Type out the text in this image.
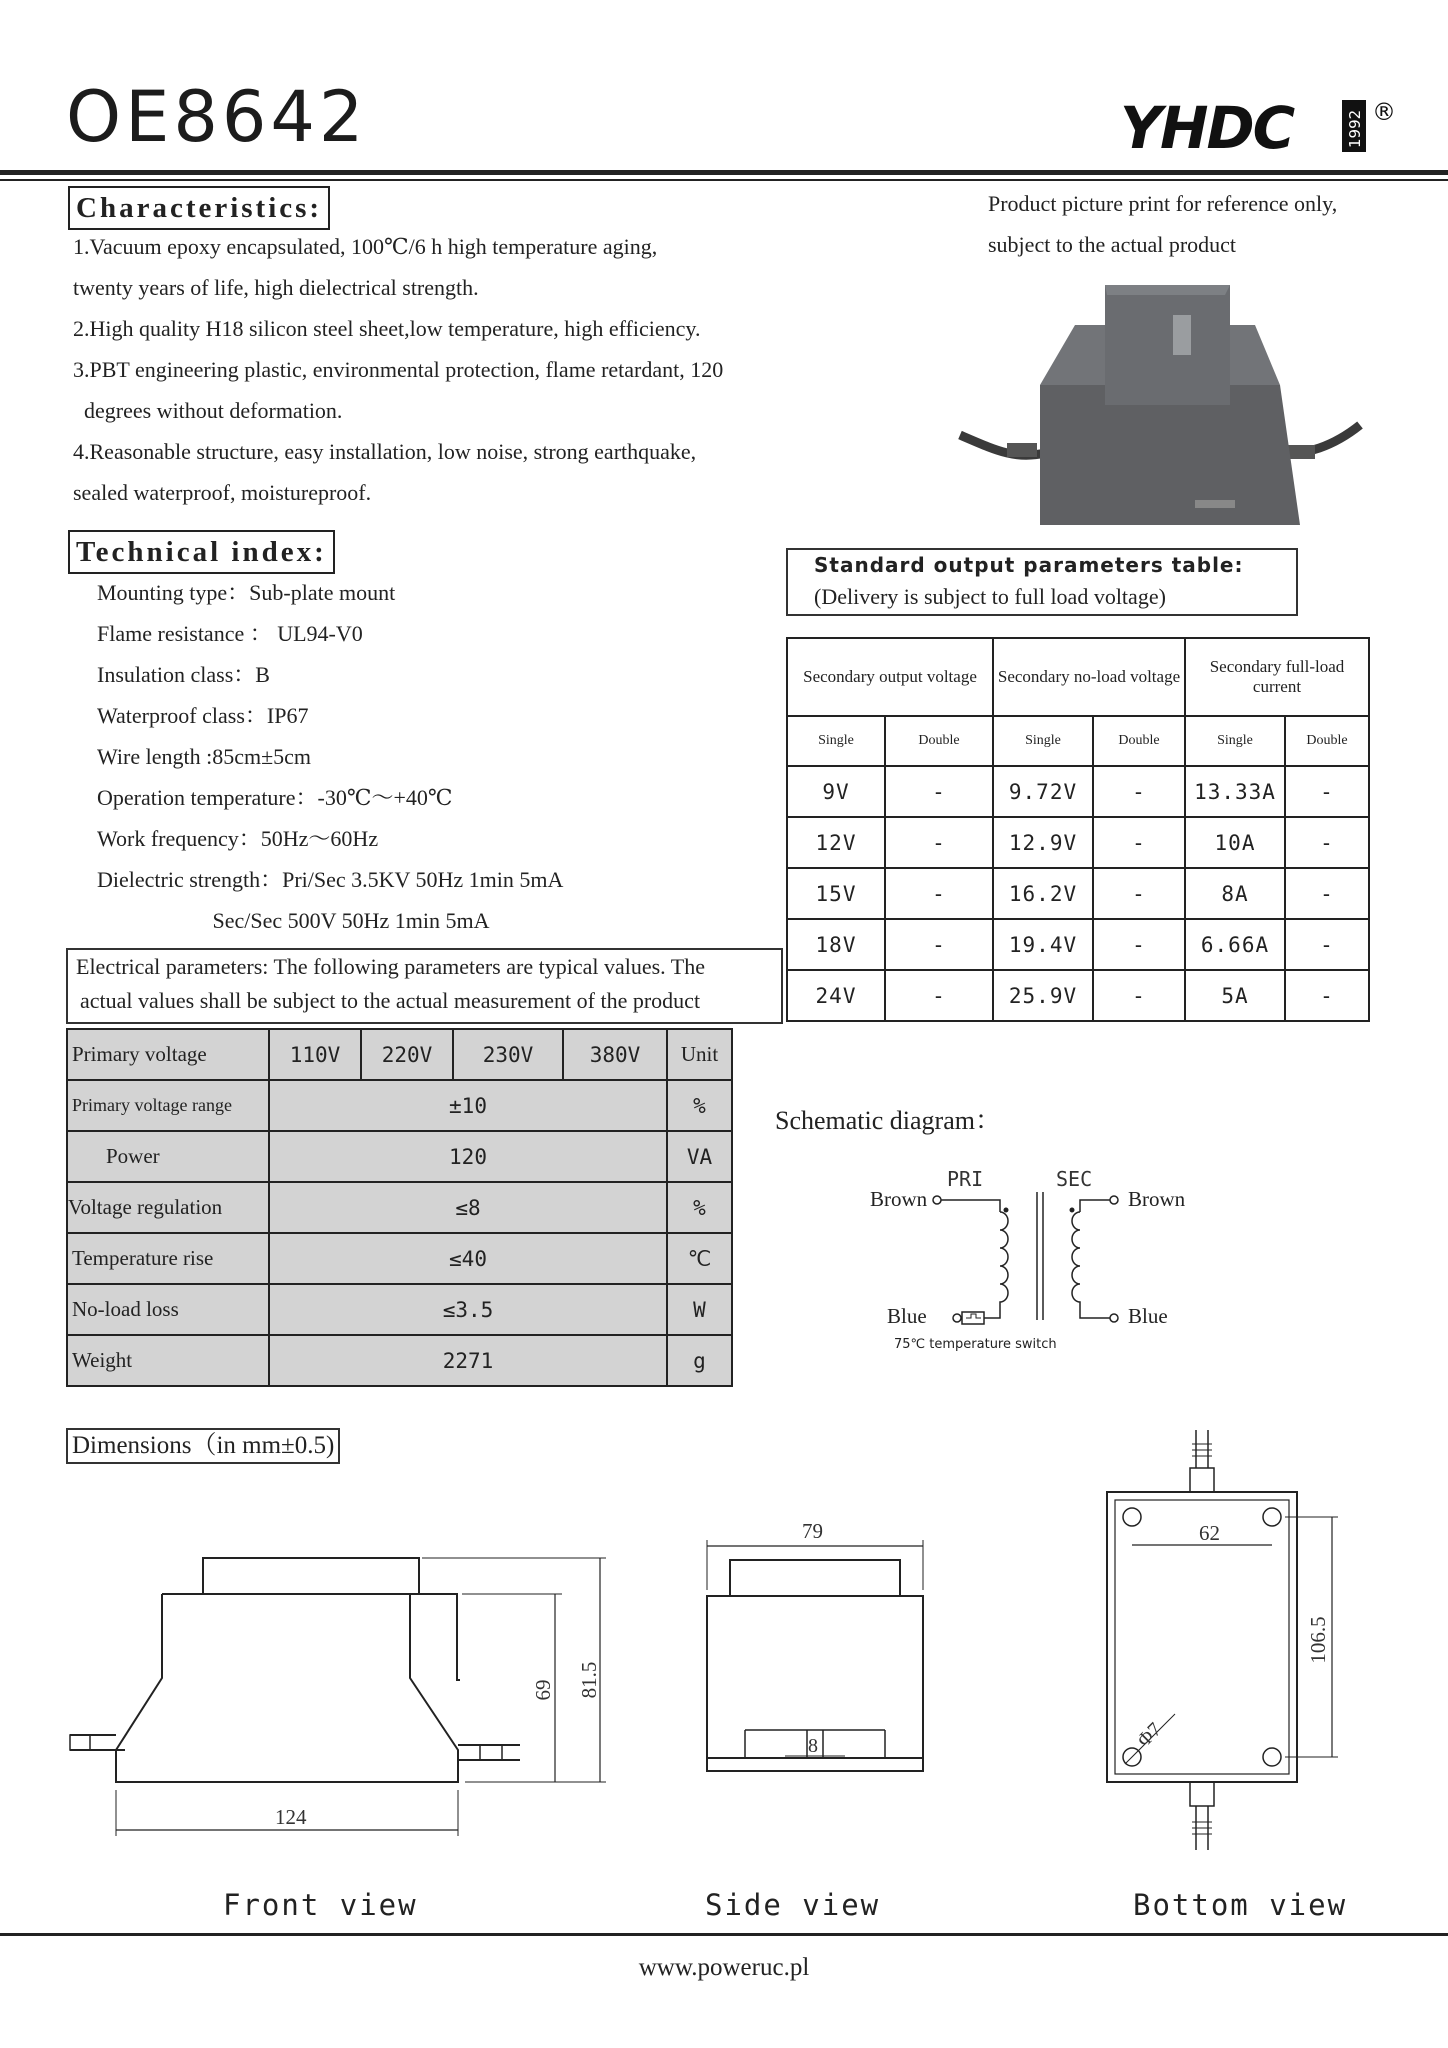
OE8642	YHDC	1992 ®
Characteristics:
1.Vacuum epoxy encapsulated, 100℃/6 h high temperature aging,
twenty years of life, high dielectrical strength.
2.High quality H18 silicon steel sheet,low temperature, high efficiency.
3.PBT engineering plastic, environmental protection, flame retardant, 120
degrees without deformation.
4.Reasonable structure, easy installation, low noise, strong earthquake,
sealed waterproof, moistureproof.
Product picture print for reference only,
subject to the actual product
Technical index:
Mounting type：Sub-plate mount
Flame resistance ： UL94-V0
Insulation class：B
Waterproof class：IP67
Wire length :85cm±5cm
Operation temperature：-30℃～+40℃
Work frequency：50Hz～60Hz
Dielectric strength：Pri/Sec 3.5KV 50Hz 1min 5mA
Sec/Sec 500V 50Hz 1min 5mA
Electrical parameters: The following parameters are typical values. The
actual values shall be subject to the actual measurement of the product
Primary voltage	110V	220V	230V	380V	Unit
Primary voltage range	±10				%
Power	120				VA
Voltage regulation	≤8				%
Temperature rise	≤40				℃
No-load loss	≤3.5				W
Weight	2271				g
Standard output parameters table:
(Delivery is subject to full load voltage)
Secondary output voltage		Secondary no-load voltage		Secondary full-load current	
Single	Double	Single	Double	Single	Double
9V	-	9.72V	-	13.33A	-
12V	-	12.9V	-	10A	-
15V	-	16.2V	-	8A	-
18V	-	19.4V	-	6.66A	-
24V	-	25.9V	-	5A	-
Schematic diagram：
PRI	SEC
Brown	Brown
Blue	Blue
75℃ temperature switch
Dimensions（in mm±0.5)
124
69 81.5
79
8
62
106.5
Φ7
Front view	Side view	Bottom view
www.poweruc.pl
